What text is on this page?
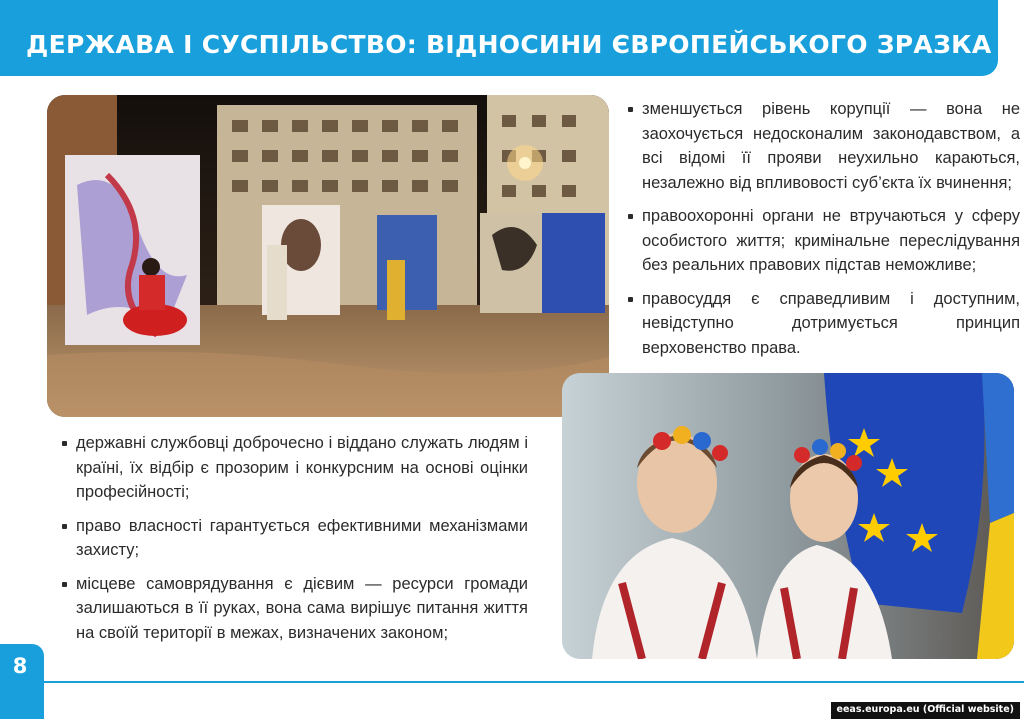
ДЕРЖАВА І СУСПІЛЬСТВО: ВІДНОСИНИ ЄВРОПЕЙСЬКОГО ЗРАЗКА
зменшується рівень корупції — вона не заохочується недосконалим законодавством, а всі відомі її прояви неухильно караються, незалежно від впливовості суб’єкта їх вчинення;
правоохоронні органи не втручаються у сферу особистого життя; кримінальне переслідування без реальних правових підстав неможливе;
правосуддя є справедливим і доступним, невідступно дотримується принцип верховенство права.
державні службовці доброчесно і віддано служать людям і країні, їх відбір є прозорим і конкурсним на основі оцінки професійності;
право власності гарантується ефективними механізмами захисту;
місцеве самоврядування є дієвим — ресурси громади залишаються в її руках, вона сама вирішує питання життя на своїй території в межах, визначених законом;
8
eeas.europa.eu (Official website)
